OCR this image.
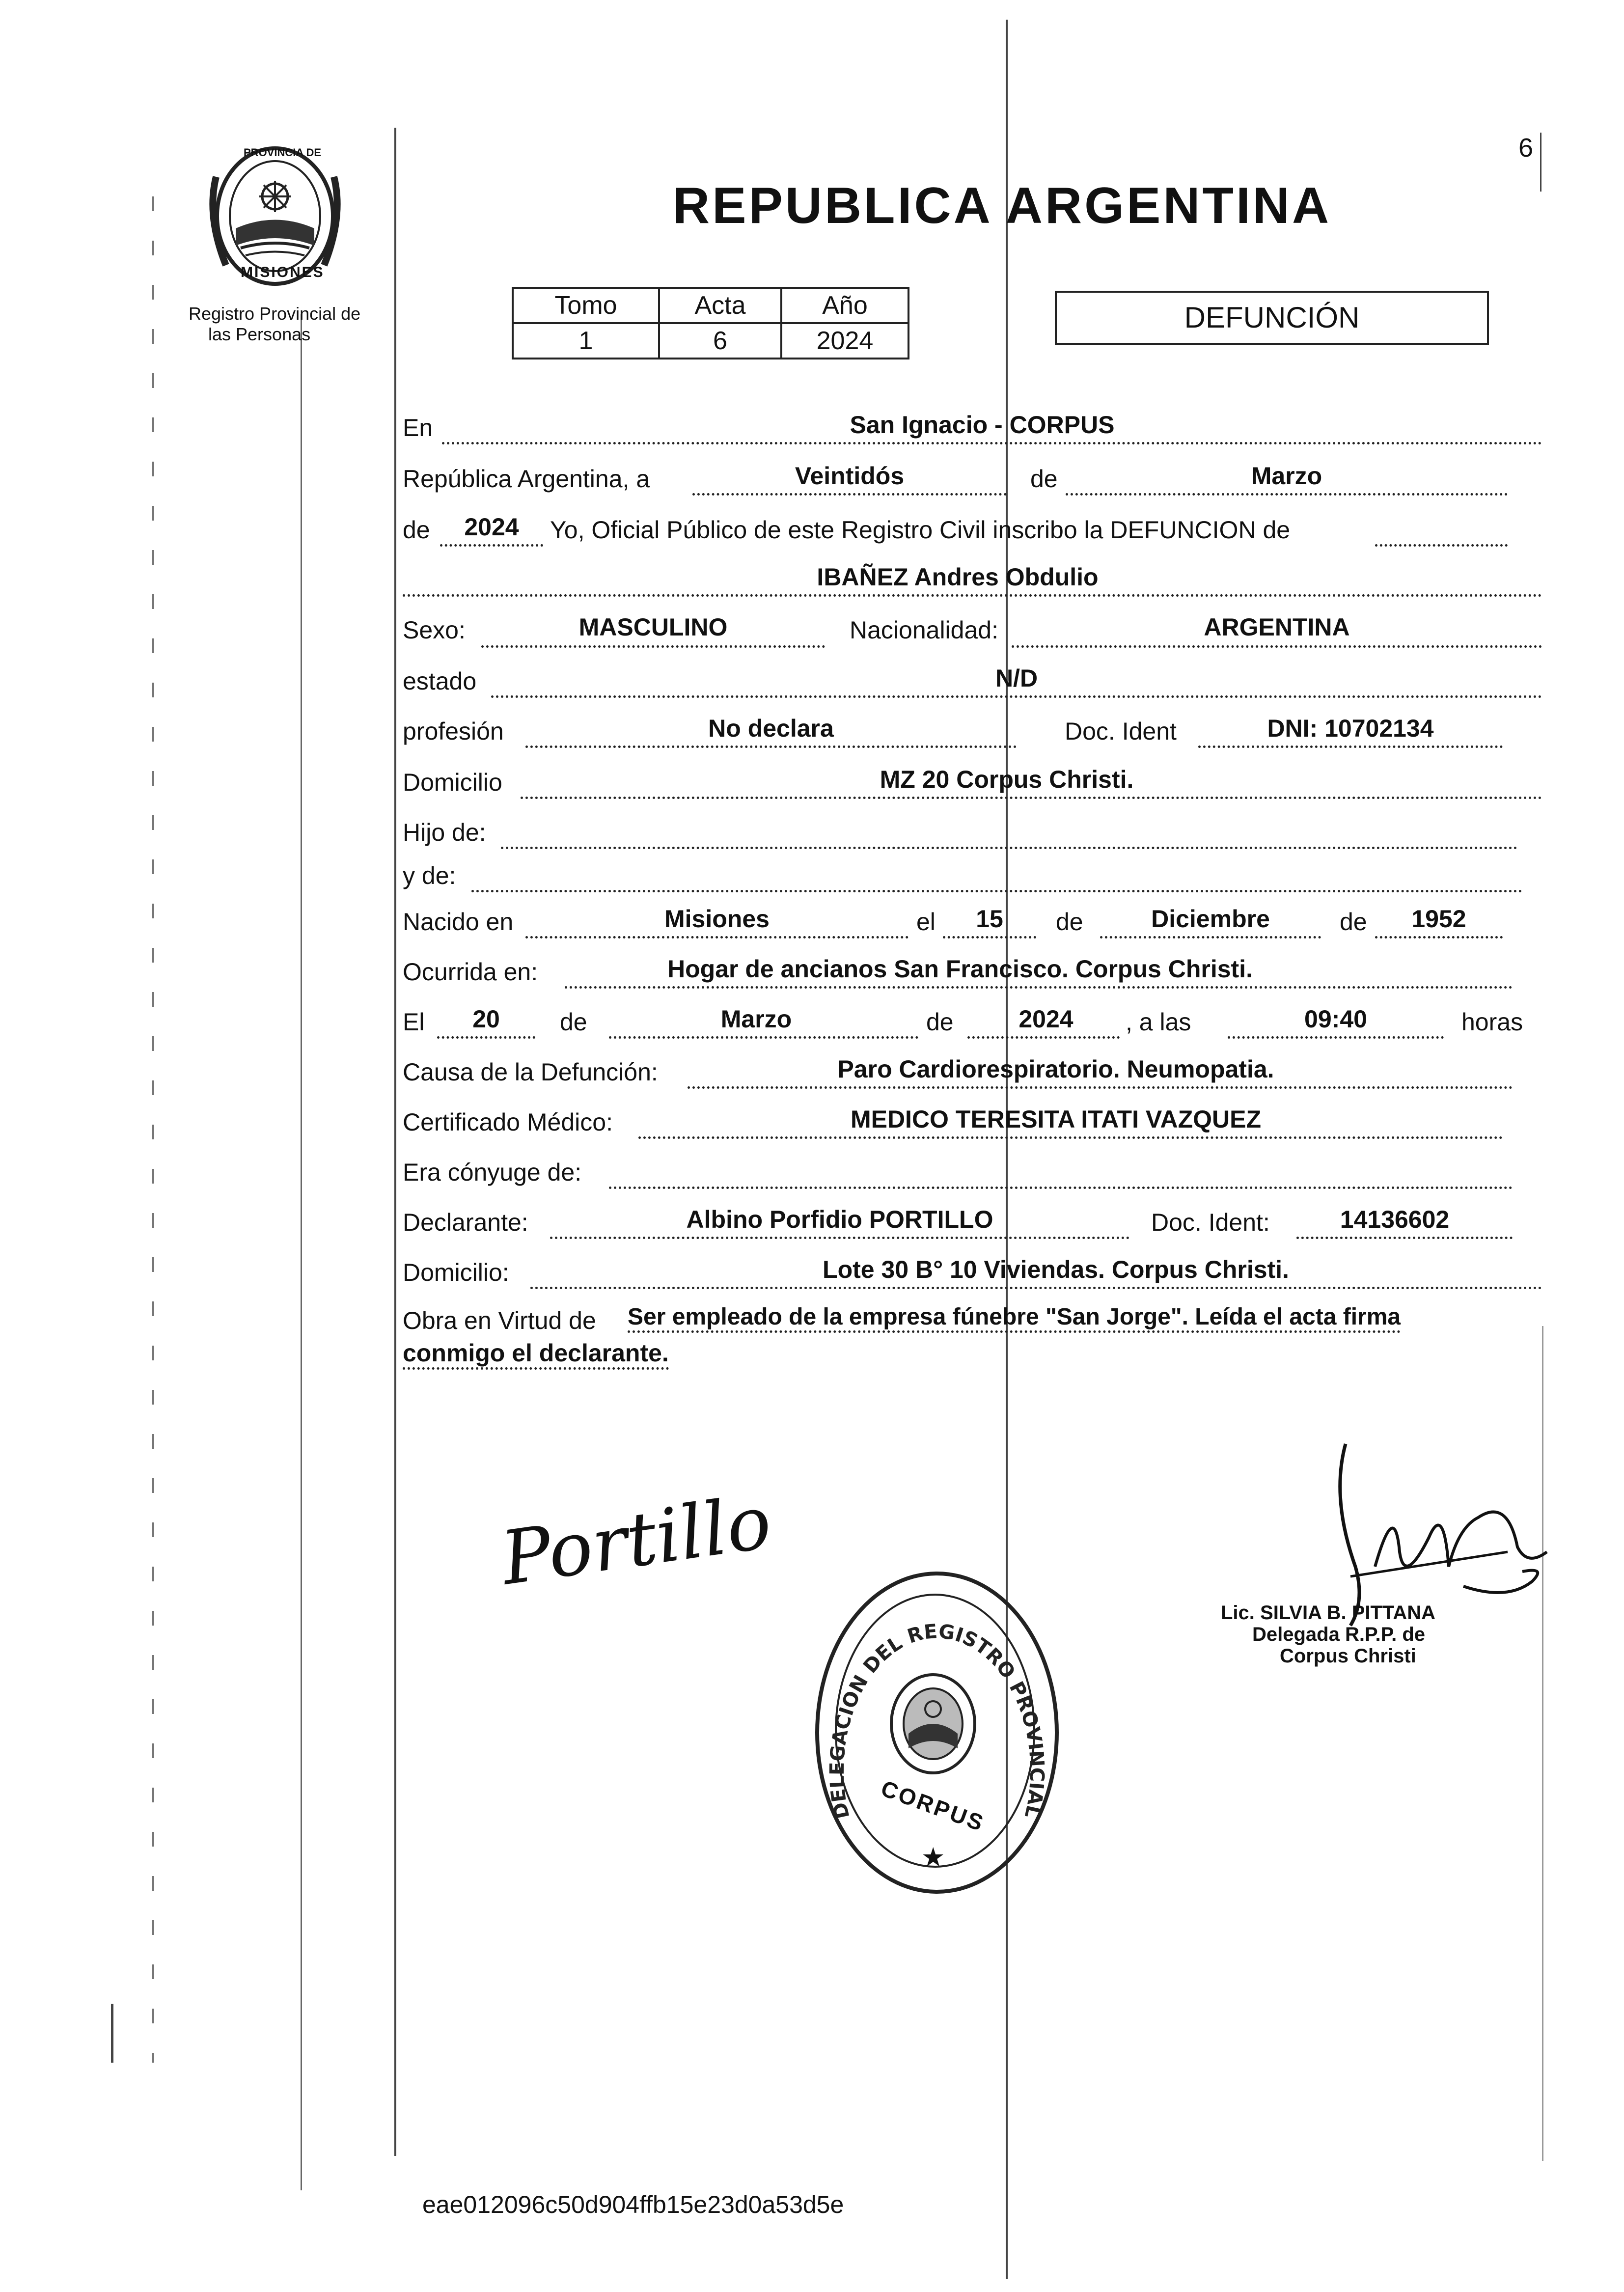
6
PROVINCIA DE
MISIONES
Registro Provincial de
las Personas
REPUBLICA ARGENTINA
Tomo	Acta	Año
1	6	2024
DEFUNCIÓN
En	San Ignacio - CORPUS
República Argentina, a	Veintidós	de	Marzo
de	2024	Yo, Oficial Público de este Registro Civil inscribo la DEFUNCION de
IBAÑEZ Andres Obdulio
Sexo:	MASCULINO	Nacionalidad:	ARGENTINA
estado	N/D
profesión	No declara	Doc. Ident	DNI: 10702134
Domicilio	MZ 20 Corpus Christi.
Hijo de:
y de:
Nacido en	Misiones	el	15	de	Diciembre	de	1952
Ocurrida en:	Hogar de ancianos San Francisco. Corpus Christi.
El	20	de	Marzo	de	2024	, a las	09:40	horas
Causa de la Defunción:	Paro Cardiorespiratorio. Neumopatia.
Certificado Médico:	MEDICO TERESITA ITATI VAZQUEZ
Era cónyuge de:
Declarante:	Albino Porfidio PORTILLO	Doc. Ident:	14136602
Domicilio:	Lote 30 B° 10 Viviendas. Corpus Christi.
Obra en Virtud de Ser empleado de la empresa fúnebre "San Jorge". Leída el acta firma
conmigo el declarante.
Portillo
Lic. SILVIA B. PITTANA
Delegada R.P.P. de
Corpus Christi
DELEGACION DEL REGISTRO PROVINCIAL
CORPUS
★
eae012096c50d904ffb15e23d0a53d5e
